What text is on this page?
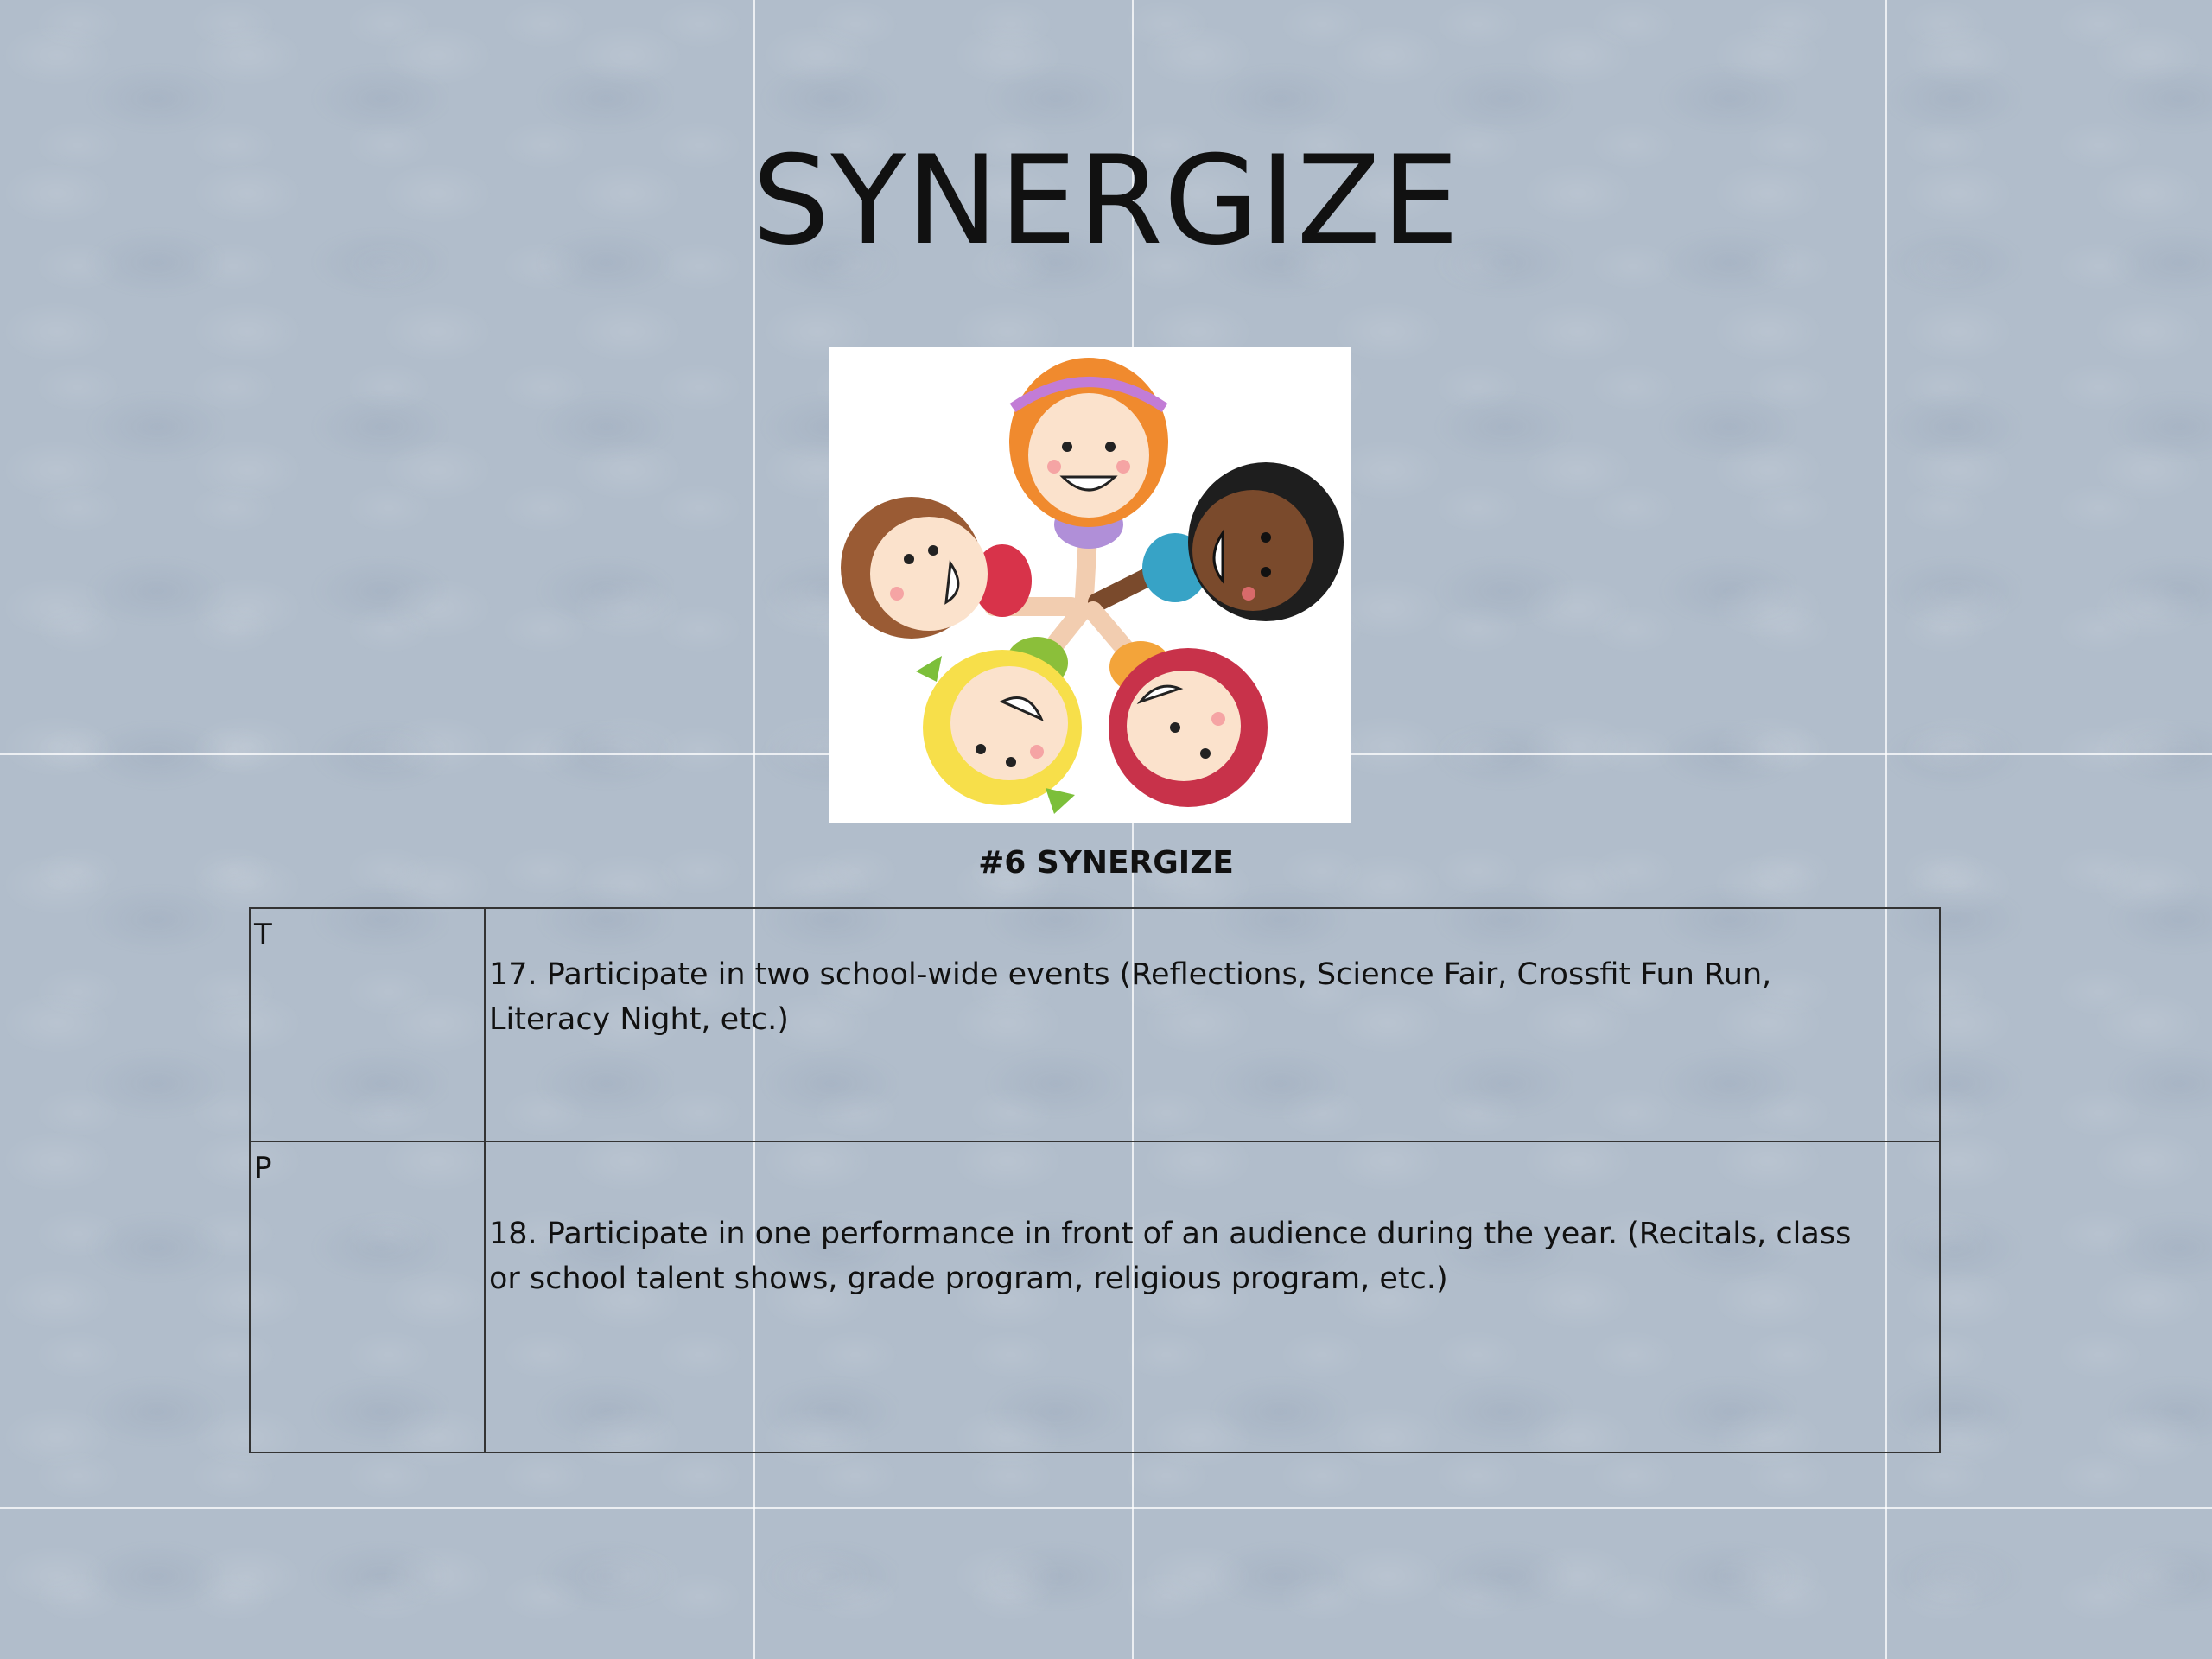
SYNERGIZE
#6 SYNERGIZE
T	17. Participate in two school-wide events (Reflections, Science Fair, Crossfit Fun Run, Literacy Night, etc.)
P	18. Participate in one performance in front of an audience during the year. (Recitals, class or school talent shows, grade program, religious program, etc.)
